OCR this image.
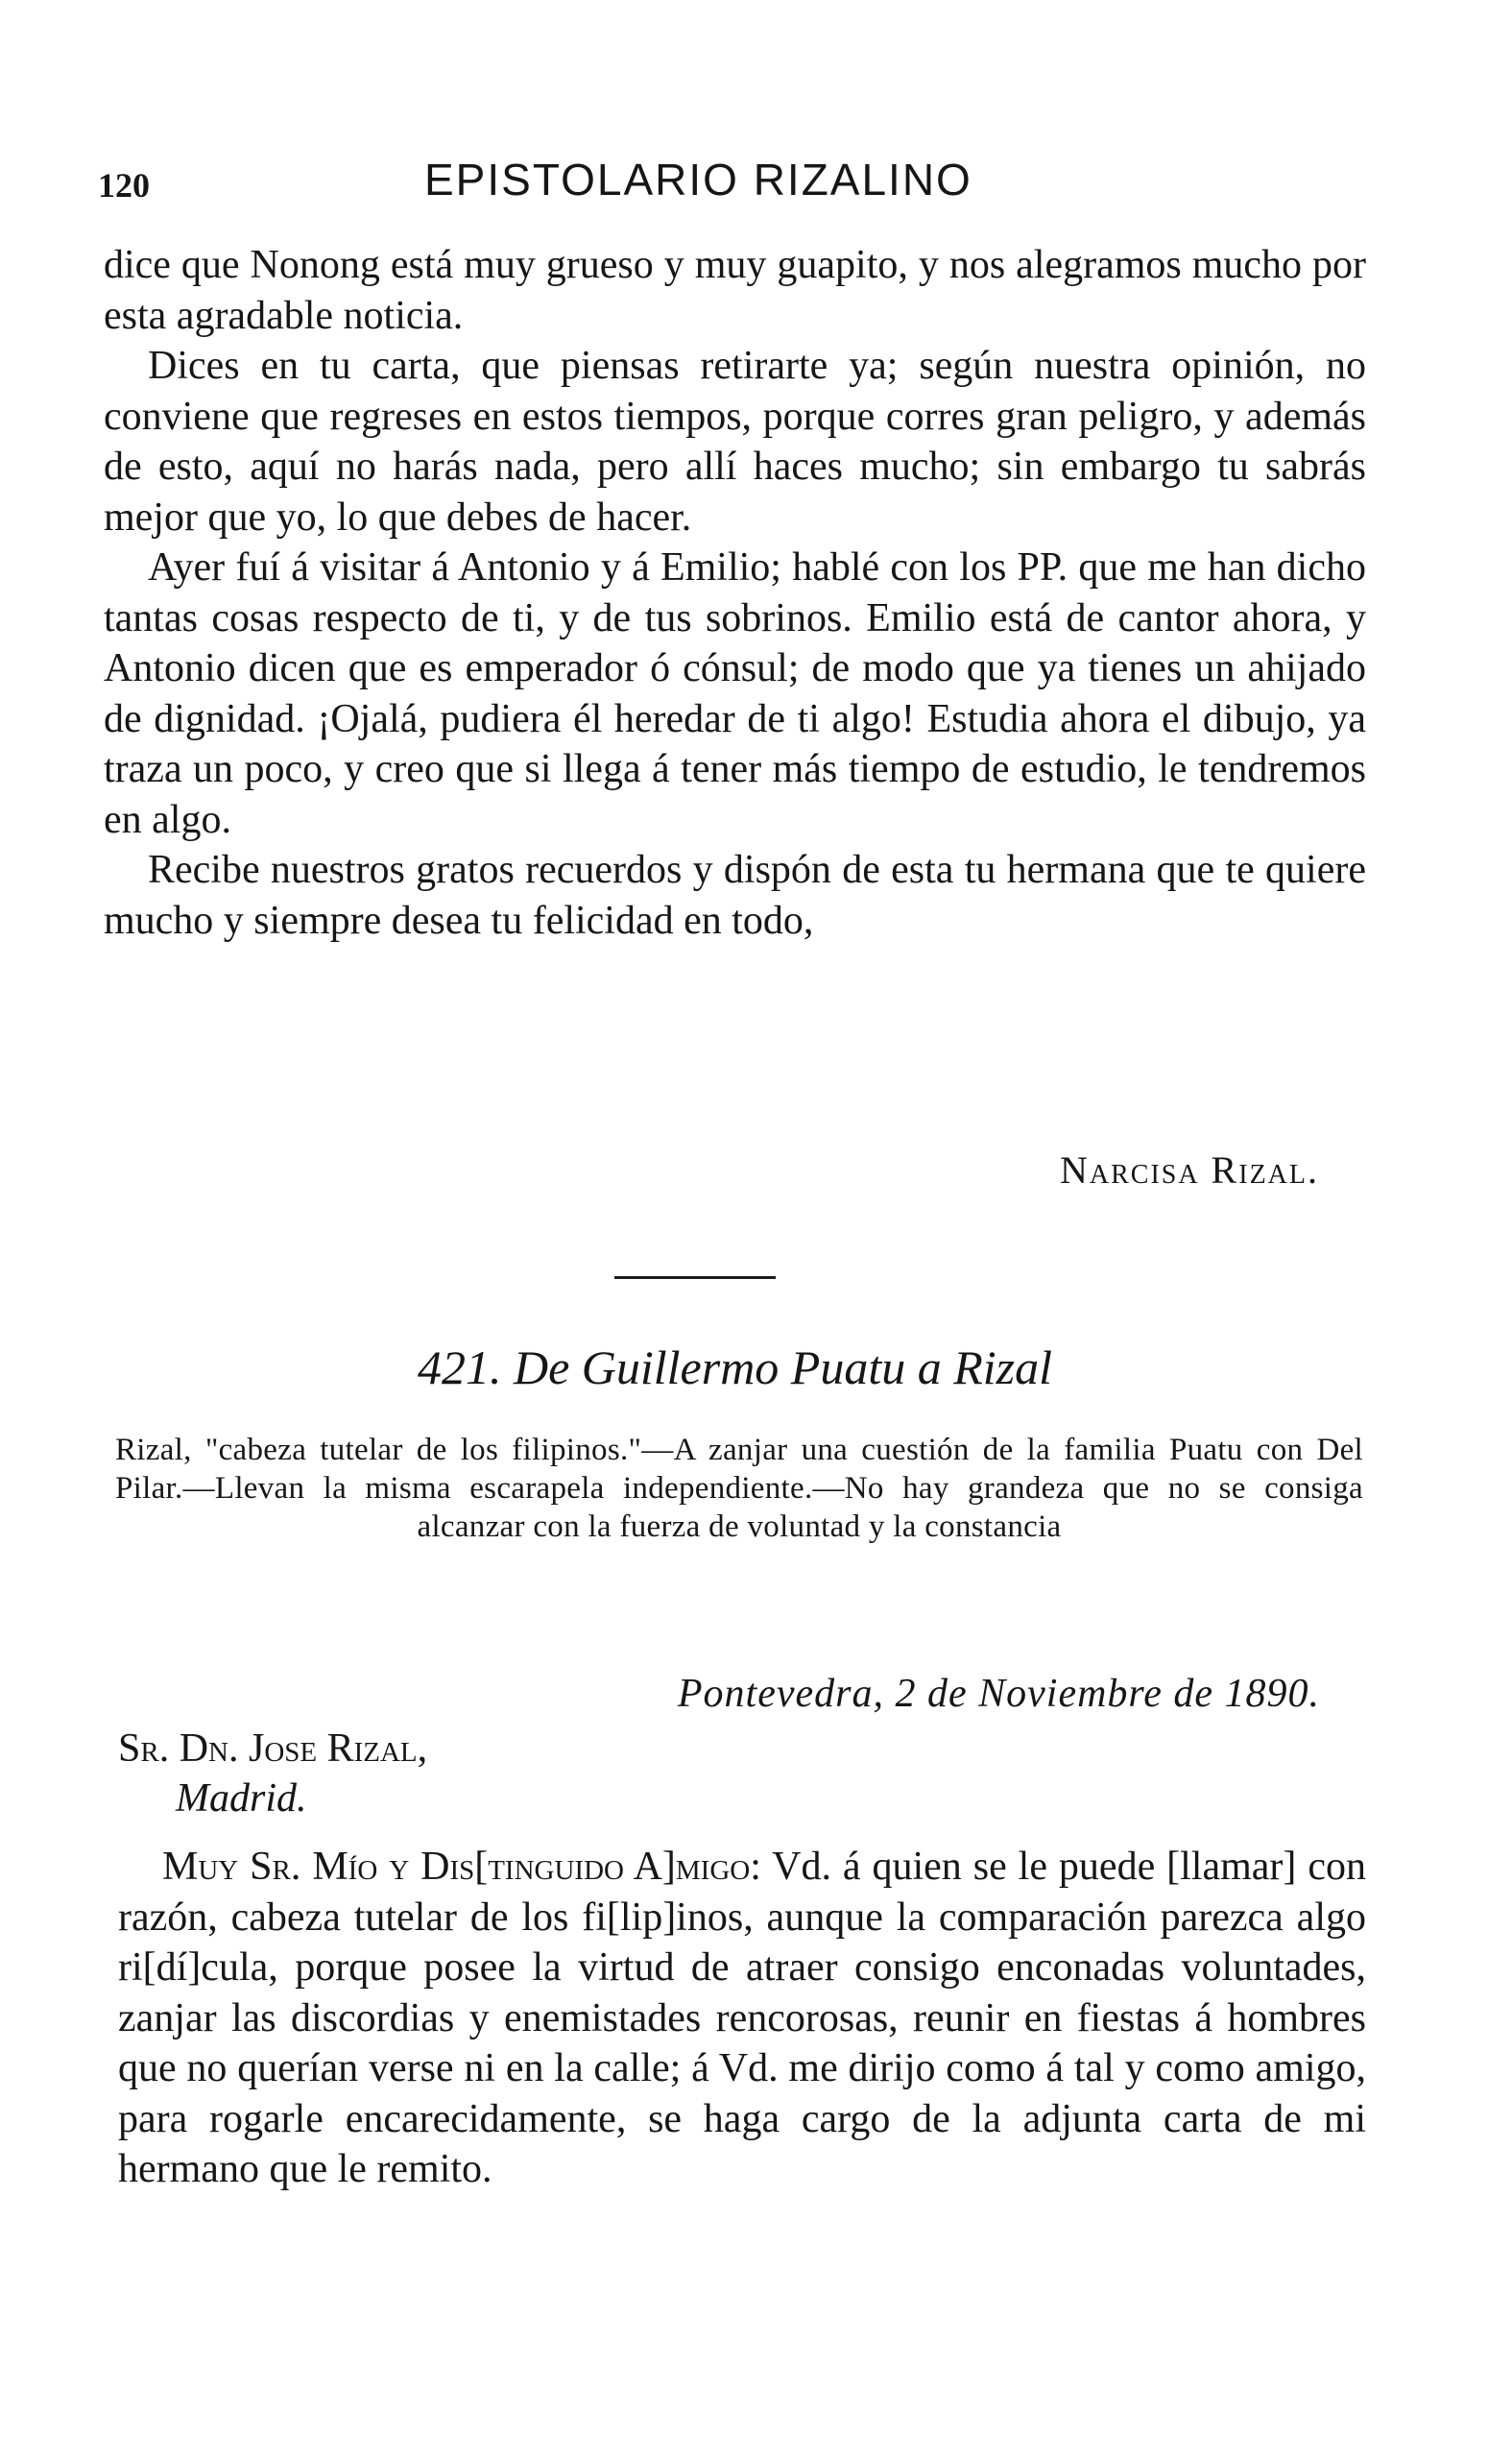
120	EPISTOLARIO RIZALINO

dice que Nonong está muy grueso y muy guapito, y nos alegramos mucho por esta agradable noticia.

Dices en tu carta, que piensas retirarte ya; según nuestra opinión, no conviene que regreses en estos tiempos, porque corres gran peligro, y además de esto, aquí no harás nada, pero allí haces mucho; sin embargo tu sabrás mejor que yo, lo que debes de hacer.

Ayer fuí á visitar á Antonio y á Emilio; hablé con los PP. que me han dicho tantas cosas respecto de ti, y de tus sobrinos. Emilio está de cantor ahora, y Antonio dicen que es emperador ó cónsul; de modo que ya tienes un ahijado de dignidad. ¡Ojalá, pudiera él heredar de ti algo! Estudia ahora el dibujo, ya traza un poco, y creo que si llega á tener más tiempo de estudio, le tendremos en algo.

Recibe nuestros gratos recuerdos y dispón de esta tu hermana que te quiere mucho y siempre desea tu felicidad en todo,

Narcisa Rizal.
421. De Guillermo Puatu a Rizal
Rizal, "cabeza tutelar de los filipinos."—A zanjar una cuestión de la familia Puatu con Del Pilar.—Llevan la misma escarapela independiente.—No hay grandeza que no se consiga alcanzar con la fuerza de voluntad y la constancia
Pontevedra, 2 de Noviembre de 1890.
Sr. Dn. Jose Rizal,
Madrid.

Muy Sr. Mío y Dis[tinguido A]migo: Vd. á quien se le puede [llamar] con razón, cabeza tutelar de los fi[lip]inos, aunque la comparación parezca algo ri[dí]cula, porque posee la virtud de atraer consigo enconadas voluntades, zanjar las discordias y enemistades rencorosas, reunir en fiestas á hombres que no querían verse ni en la calle; á Vd. me dirijo como á tal y como amigo, para rogarle encarecidamente, se haga cargo de la adjunta carta de mi hermano que le remito.
